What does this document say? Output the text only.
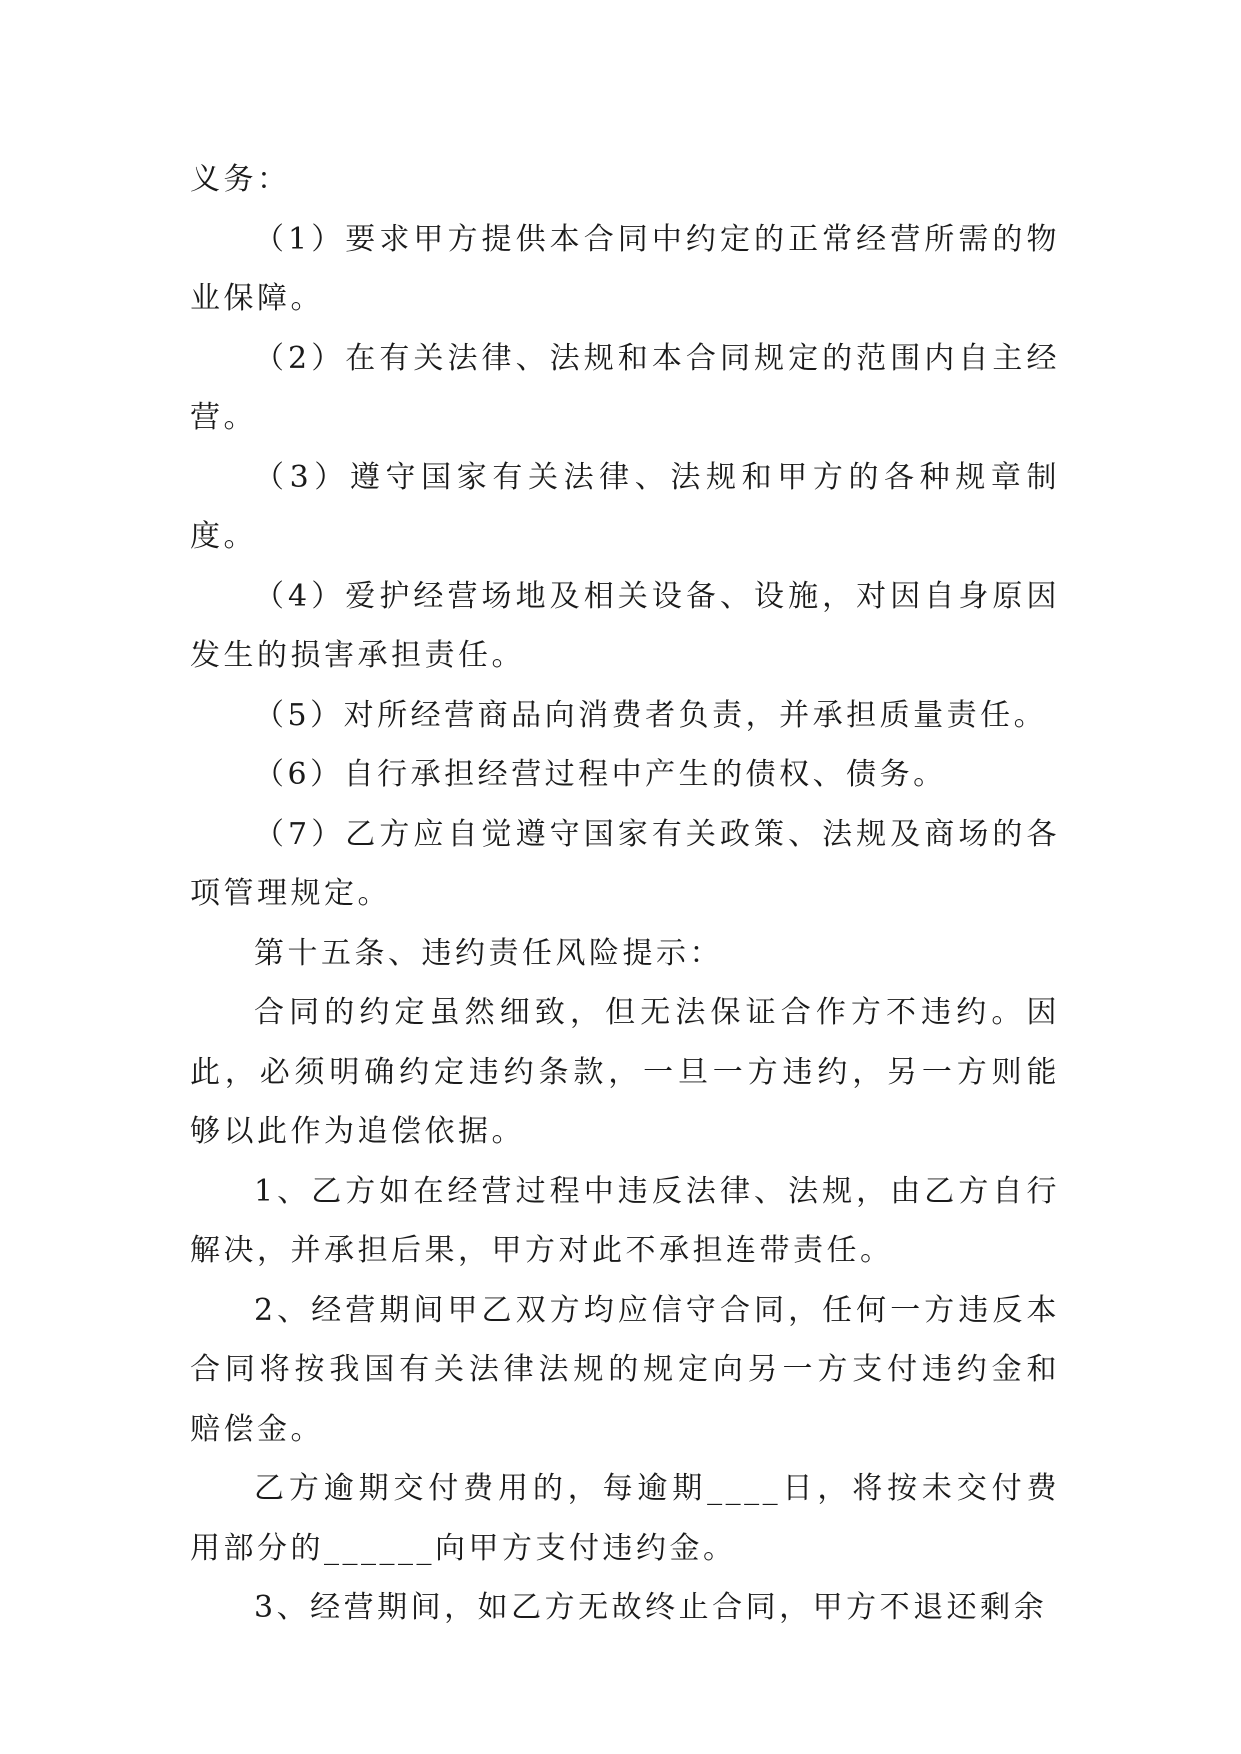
义务：

（1）要求甲方提供本合同中约定的正常经营所需的物业保障。

（2）在有关法律、法规和本合同规定的范围内自主经营。

（3）遵守国家有关法律、法规和甲方的各种规章制度。

（4）爱护经营场地及相关设备、设施，对因自身原因发生的损害承担责任。

（5）对所经营商品向消费者负责，并承担质量责任。

（6）自行承担经营过程中产生的债权、债务。

（7）乙方应自觉遵守国家有关政策、法规及商场的各项管理规定。

第十五条、违约责任风险提示：

合同的约定虽然细致，但无法保证合作方不违约。因此，必须明确约定违约条款，一旦一方违约，另一方则能够以此作为追偿依据。

1、乙方如在经营过程中违反法律、法规，由乙方自行解决，并承担后果，甲方对此不承担连带责任。

2、经营期间甲乙双方均应信守合同，任何一方违反本合同将按我国有关法律法规的规定向另一方支付违约金和赔偿金。

乙方逾期交付费用的，每逾期____日，将按未交付费用部分的______向甲方支付违约金。

3、经营期间，如乙方无故终止合同，甲方不退还剩余
